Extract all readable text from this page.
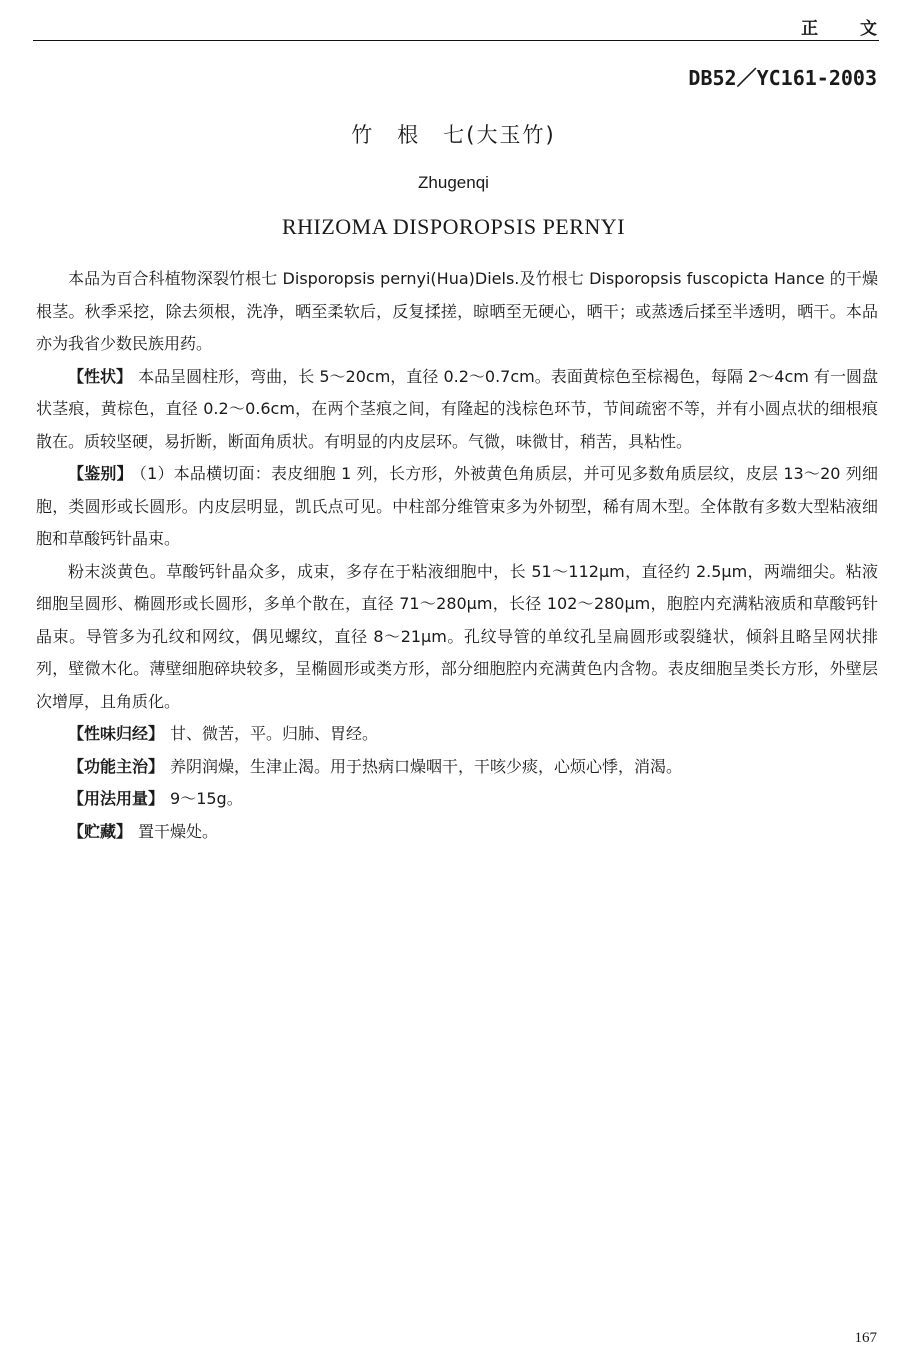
正 文
DB52／YC161-2003
竹　根　七(大玉竹)
Zhugenqi
RHIZOMA DISPOROPSIS PERNYI

本品为百合科植物深裂竹根七 Disporopsis pernyi(Hua)Diels.及竹根七 Disporopsis fuscopicta Hance 的干燥根茎。秋季采挖，除去须根，洗净，晒至柔软后，反复揉搓，晾晒至无硬心，晒干；或蒸透后揉至半透明，晒干。本品亦为我省少数民族用药。

【性状】 本品呈圆柱形，弯曲，长 5～20cm，直径 0.2～0.7cm。表面黄棕色至棕褐色，每隔 2～4cm 有一圆盘状茎痕，黄棕色，直径 0.2～0.6cm，在两个茎痕之间，有隆起的浅棕色环节，节间疏密不等，并有小圆点状的细根痕散在。质较坚硬，易折断，断面角质状。有明显的内皮层环。气微，味微甘，稍苦，具粘性。

【鉴别】 （1）本品横切面：表皮细胞 1 列，长方形，外被黄色角质层，并可见多数角质层纹，皮层 13～20 列细胞，类圆形或长圆形。内皮层明显，凯氏点可见。中柱部分维管束多为外韧型，稀有周木型。全体散有多数大型粘液细胞和草酸钙针晶束。

粉末淡黄色。草酸钙针晶众多，成束，多存在于粘液细胞中，长 51～112μm，直径约 2.5μm，两端细尖。粘液细胞呈圆形、椭圆形或长圆形，多单个散在，直径 71～280μm，长径 102～280μm，胞腔内充满粘液质和草酸钙针晶束。导管多为孔纹和网纹，偶见螺纹，直径 8～21μm。孔纹导管的单纹孔呈扁圆形或裂缝状，倾斜且略呈网状排列，壁微木化。薄壁细胞碎块较多，呈椭圆形或类方形，部分细胞腔内充满黄色内含物。表皮细胞呈类长方形，外壁层次增厚，且角质化。

【性味归经】 甘、微苦，平。归肺、胃经。

【功能主治】 养阴润燥，生津止渴。用于热病口燥咽干，干咳少痰，心烦心悸，消渴。

【用法用量】 9～15g。

【贮藏】 置干燥处。

167
